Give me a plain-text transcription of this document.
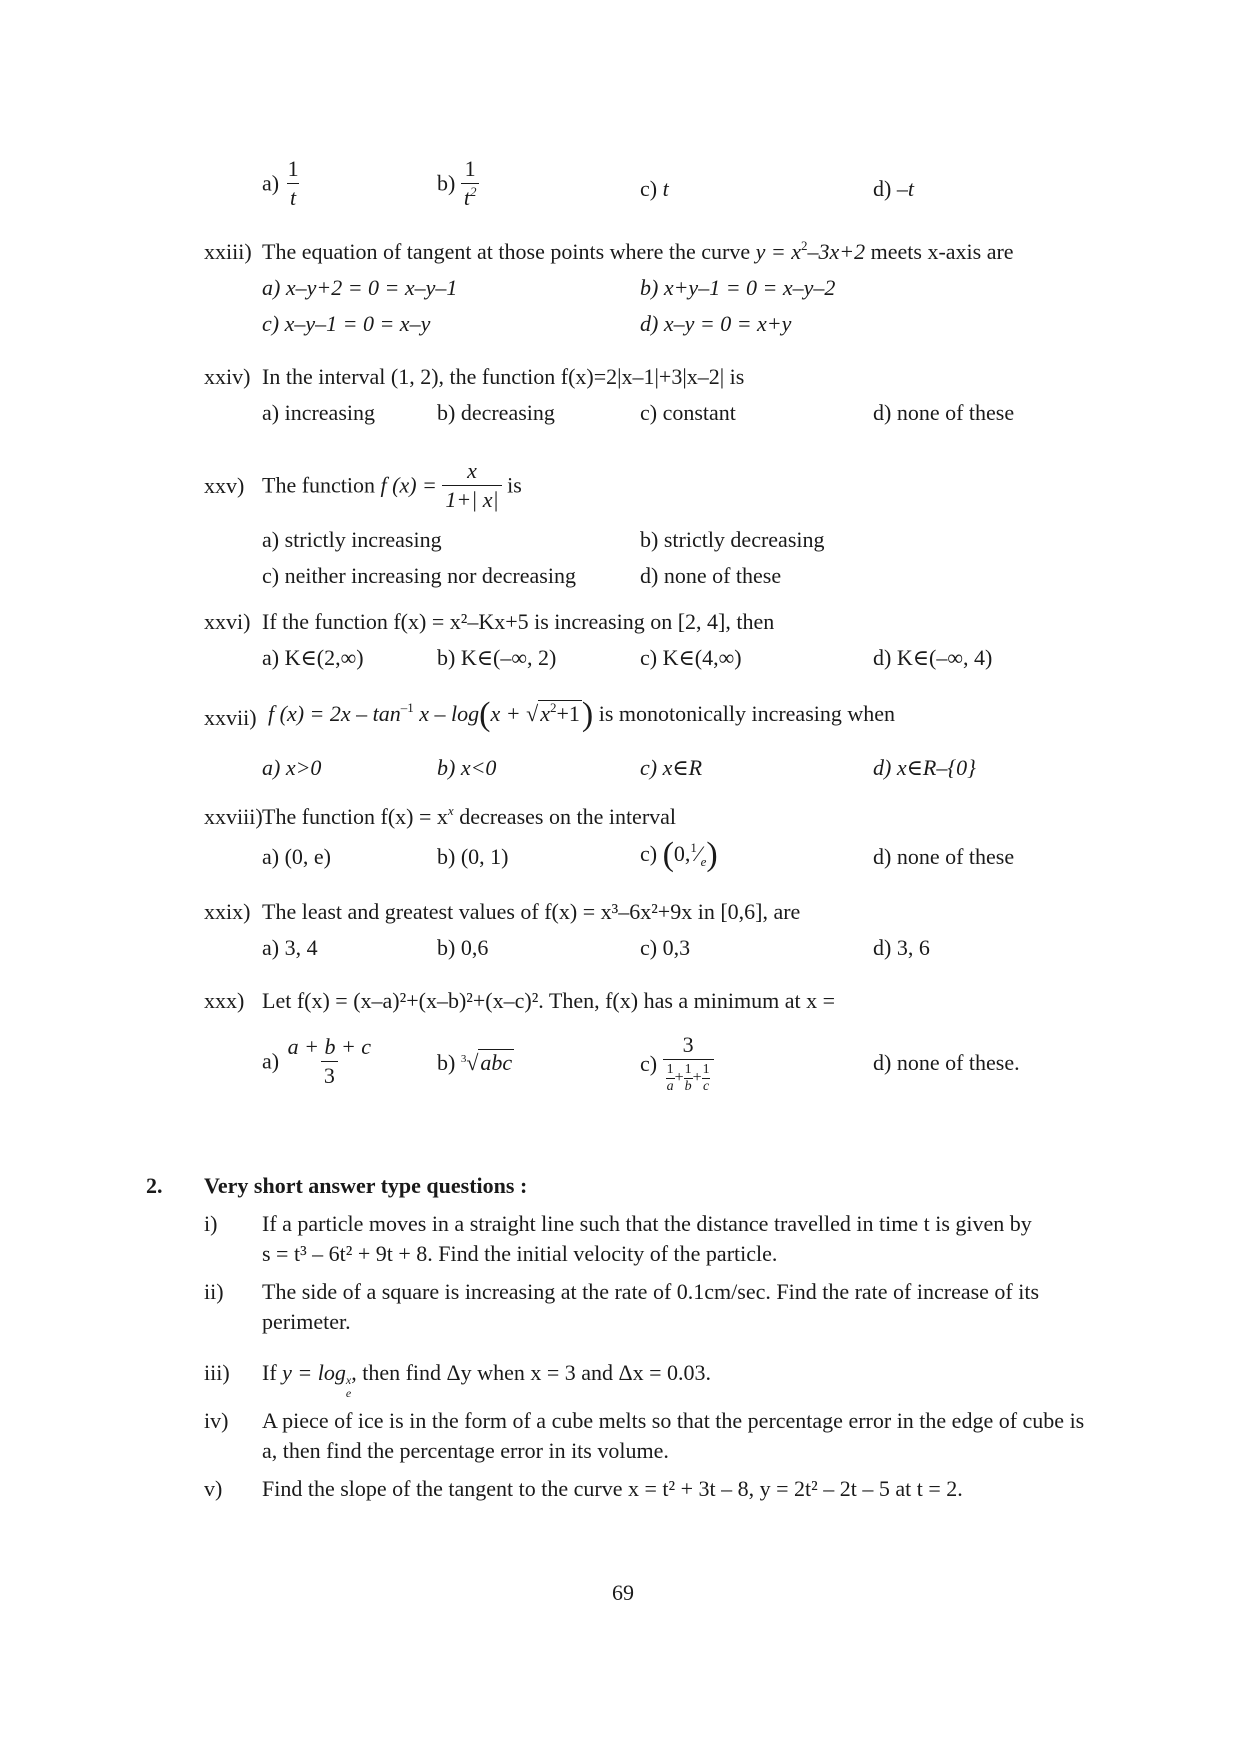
$a) \frac{1}{t}$	$b) \frac{1}{t^2}$	c) t	d) –t
xxiii) The equation of tangent at those points where the curve $y = x^2-3x+2$ meets x-axis are
a) x–y+2 = 0 = x–y–1	b) x+y–1 = 0 = x–y–2
c) x–y–1 = 0 = x–y	d) x–y = 0 = x+y
xxiv) In the interval (1, 2), the function f(x)=2|x–1|+3|x–2| is
a) increasing	b) decreasing	c) constant	d) none of these
xxv) The function f $(x) = \frac{x}{1+| x|}$ is
a) strictly increasing	b) strictly decreasing
c) neither increasing nor decreasing	d) none of these
xxvi) If the function f(x) = x²–Kx+5 is increasing on [2, 4], then
a) K∈(2,∞)	b) K∈(–∞, 2)	c) K∈(4,∞)	d) K∈(–∞, 4)
xxvii) f $(x) = 2x - \tan^{-1} x - \log(x + √x^2+1)$ is monotonically increasing when
a) x>0	b) x<0	c) x∈R	d) x∈R–{0}
xxviii) The function $f(x) = x^x$ decreases on the interval
a) (0, e)	b) (0, 1)	c) $(0,^1⁄_e)$	d) none of these
xxix) The least and greatest values of f(x) = x³–6x²+9x in [0,6], are
a) 3, 4	b) 0,6	c) 0,3	d) 3, 6
xxx) Let f(x) = (x–a)²+(x–b)²+(x–c)². Then, f(x) has a minimum at x =
$a) \frac{a + b + c}{3}$	b) $^3$√abc	$c) \frac{3}{\frac{1}{a} + \frac{1}{b} + \frac{1}{c}}$	d) none of these.
2. Very short answer type questions :
i) If a particle moves in a straight line such that the distance travelled in time t is given by
s = t³ – 6t² + 9t + 8. Find the initial velocity of the particle.
ii) The side of a square is increasing at the rate of 0.1cm/sec. Find the rate of increase of its
perimeter.
iii) If y = log x
e
, then find Δy when x = 3 and Δx = 0.03.
iv) A piece of ice is in the form of a cube melts so that the percentage error in the edge of cube is
a, then find the percentage error in its volume.
v) Find the slope of the tangent to the curve x = t² + 3t – 8, y = 2t² – 2t – 5 at t = 2.
69
